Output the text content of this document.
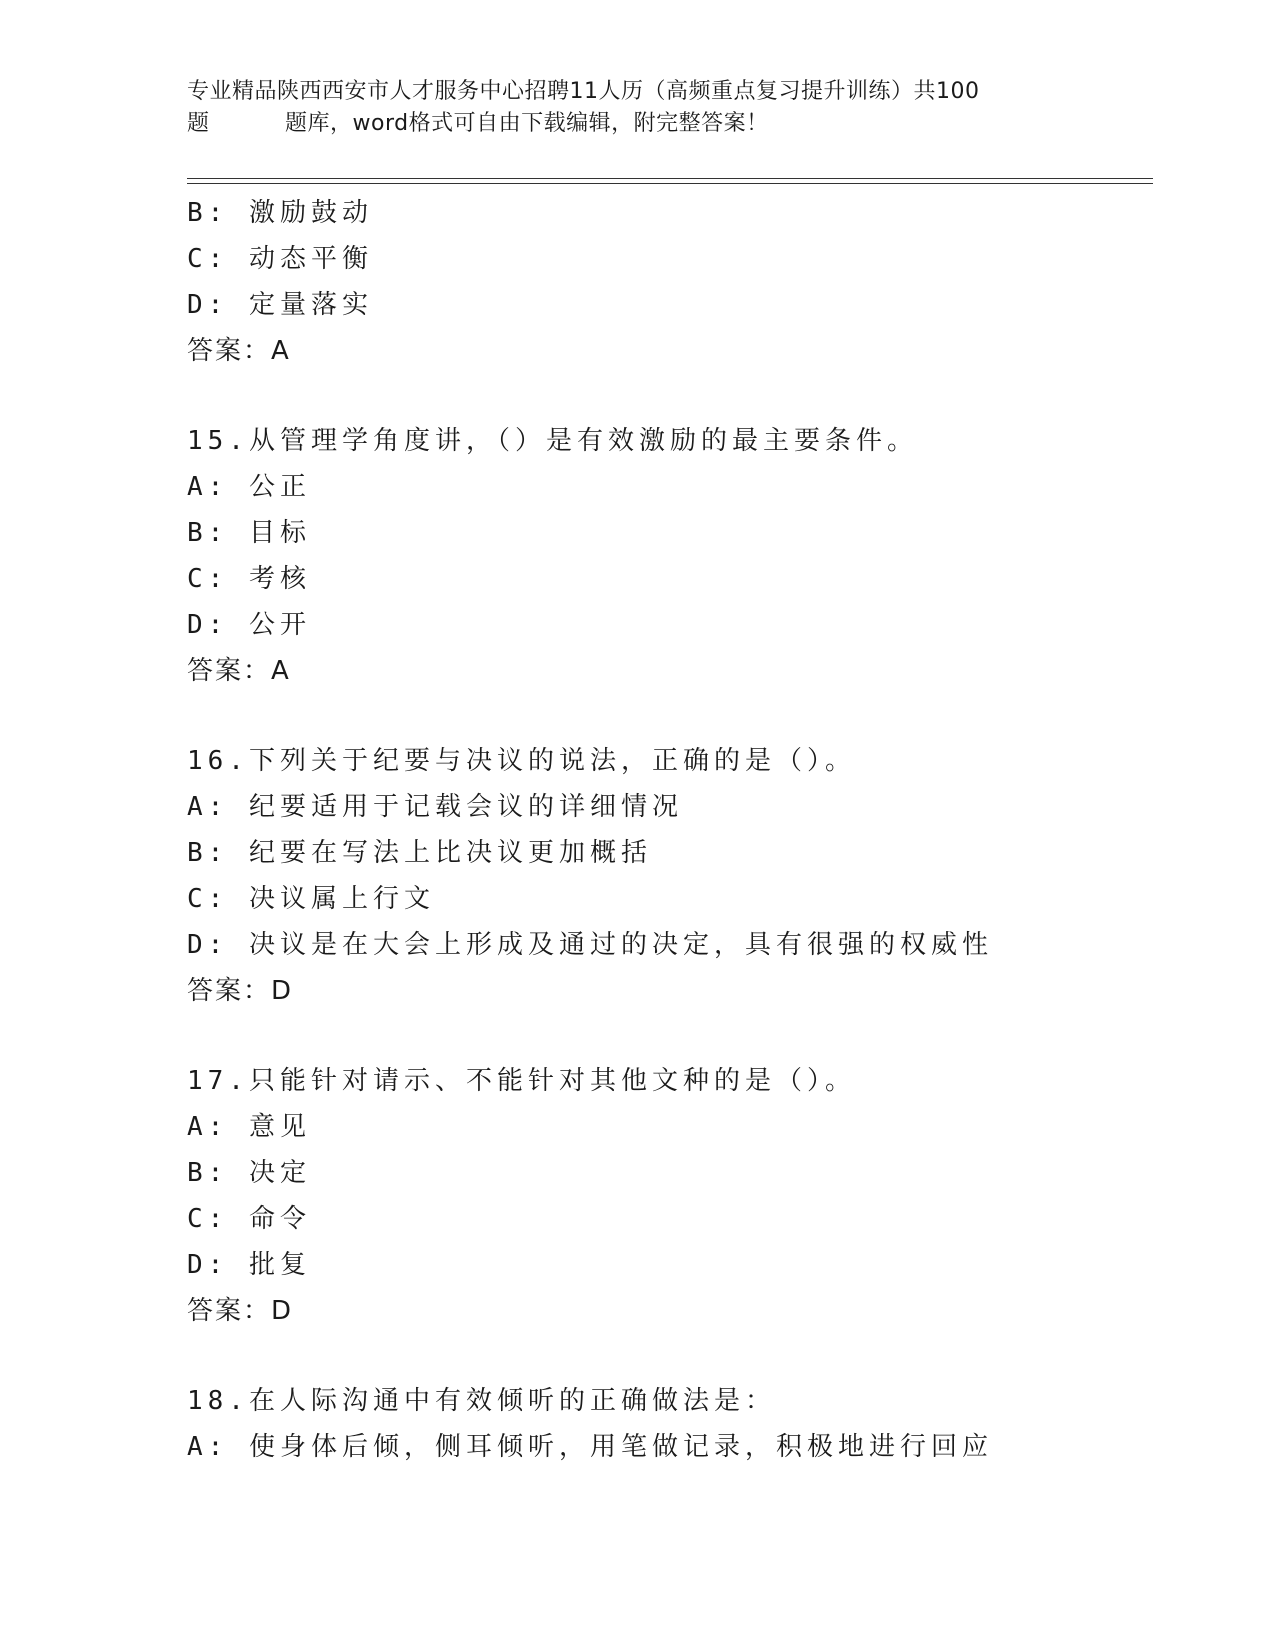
专业精品陕西西安市人才服务中心招聘11人历（高频重点复习提升训练）共100
题	题库，word格式可自由下载编辑，附完整答案！
B: 激励鼓动
C: 动态平衡
D: 定量落实
答案：A
15.从管理学角度讲，（）是有效激励的最主要条件。
A: 公正
B: 目标
C: 考核
D: 公开
答案：A
16.下列关于纪要与决议的说法，正确的是（）。
A: 纪要适用于记载会议的详细情况
B: 纪要在写法上比决议更加概括
C: 决议属上行文
D: 决议是在大会上形成及通过的决定，具有很强的权威性
答案：D
17.只能针对请示、不能针对其他文种的是（）。
A: 意见
B: 决定
C: 命令
D: 批复
答案：D
18.在人际沟通中有效倾听的正确做法是：
A: 使身体后倾，侧耳倾听，用笔做记录，积极地进行回应
